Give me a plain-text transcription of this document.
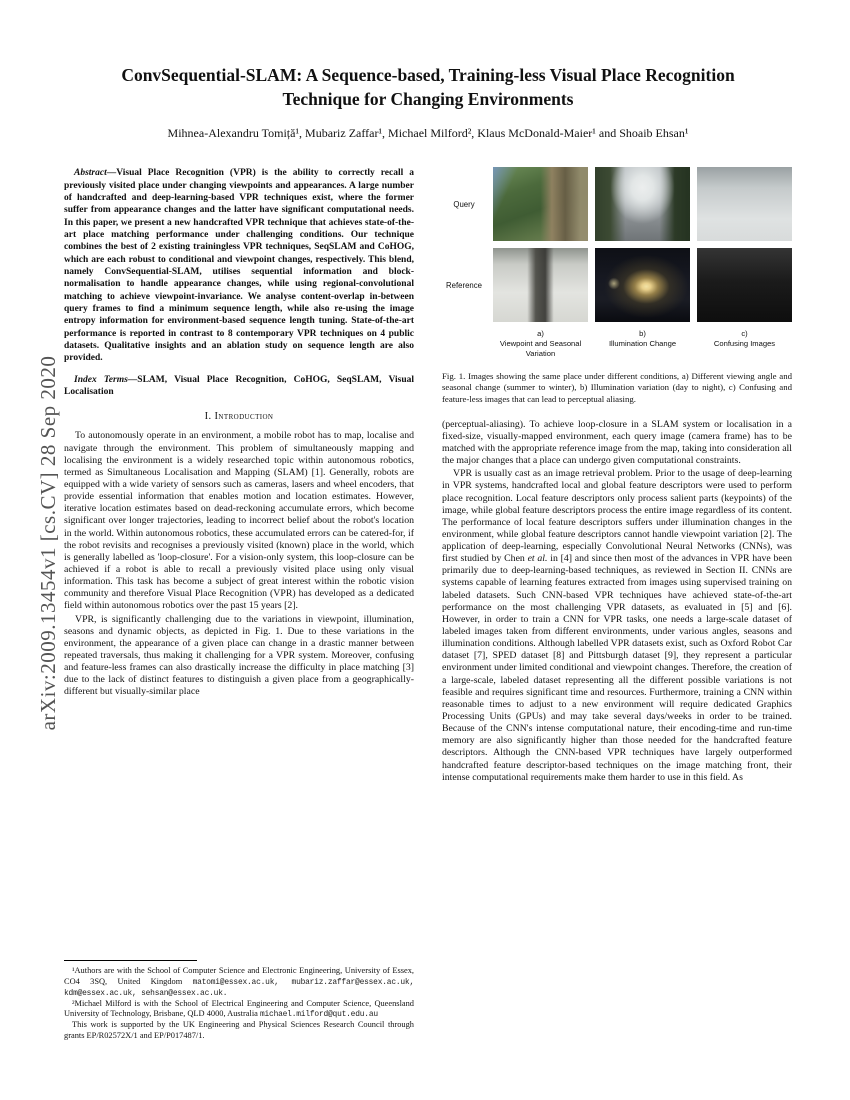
arXiv:2009.13454v1 [cs.CV] 28 Sep 2020
ConvSequential-SLAM: A Sequence-based, Training-less Visual Place Recognition Technique for Changing Environments
Mihnea-Alexandru Tomiță¹, Mubariz Zaffar¹, Michael Milford², Klaus McDonald-Maier¹ and Shoaib Ehsan¹

Abstract—Visual Place Recognition (VPR) is the ability to correctly recall a previously visited place under changing viewpoints and appearances. A large number of handcrafted and deep-learning-based VPR techniques exist, where the former suffer from appearance changes and the latter have significant computational needs. In this paper, we present a new handcrafted VPR technique that achieves state-of-the-art place matching performance under challenging conditions. Our technique combines the best of 2 existing trainingless VPR techniques, SeqSLAM and CoHOG, which are each robust to conditional and viewpoint changes, respectively. This blend, namely ConvSequential-SLAM, utilises sequential information and block-normalisation to handle appearance changes, while using regional-convolutional matching to achieve viewpoint-invariance. We analyse content-overlap in-between query frames to find a minimum sequence length, while also re-using the image entropy information for environment-based sequence length tuning. State-of-the-art performance is reported in contrast to 8 contemporary VPR techniques on 4 public datasets. Qualitative insights and an ablation study on sequence length are also provided.

Index Terms—SLAM, Visual Place Recognition, CoHOG, SeqSLAM, Visual Localisation

I. Introduction

To autonomously operate in an environment, a mobile robot has to map, localise and navigate through the environment. This problem of simultaneously mapping and localising the environment is a widely researched topic within autonomous robotics, termed as Simultaneous Localisation and Mapping (SLAM) [1]. Generally, robots are equipped with a wide variety of sensors such as cameras, lasers and wheel encoders, that provide essential information that enables motion and location estimates. However, iterative location estimates based on dead-reckoning accumulate errors, which become significant over longer trajectories, leading to incorrect belief about the robot's location in the world. Within autonomous robotics, these accumulated errors can be catered-for, if the robot revisits and recognises a previously visited (known) place in the world, which is generally labelled as 'loop-closure'. For a vision-only system, this loop-closure can be achieved if a robot is able to recall a previously visited place using only visual information. This task has become a subject of great interest within the robotic vision community and therefore Visual Place Recognition (VPR) has developed as a dedicated field within autonomous robotics over the past 15 years [2].

VPR, is significantly challenging due to the variations in viewpoint, illumination, seasons and dynamic objects, as depicted in Fig. 1. Due to these variations in the environment, the appearance of a given place can change in a drastic manner between repeated traversals, thus making it challenging for a VPR system. Moreover, confusing and feature-less frames can also drastically increase the difficulty in place matching [3] due to the lack of distinct features to distinguish a given place from a geographically-different but visually-similar place

¹Authors are with the School of Computer Science and Electronic Engineering, University of Essex, CO4 3SQ, United Kingdom matomi@essex.ac.uk, mubariz.zaffar@essex.ac.uk, kdm@essex.ac.uk, sehsan@essex.ac.uk.

²Michael Milford is with the School of Electrical Engineering and Computer Science, Queensland University of Technology, Brisbane, QLD 4000, Australia michael.milford@qut.edu.au

This work is supported by the UK Engineering and Physical Sciences Research Council through grants EP/R02572X/1 and EP/P017487/1.

Query
Reference
a)
Viewpoint and Seasonal Variation
b)
Illumination Change
c)
Confusing Images
Fig. 1. Images showing the same place under different conditions, a) Different viewing angle and seasonal change (summer to winter), b) Illumination variation (day to night), c) Confusing and feature-less images that can lead to perceptual aliasing.

(perceptual-aliasing). To achieve loop-closure in a SLAM system or localisation in a fixed-size, visually-mapped environment, each query image (camera frame) has to be matched with the appropriate reference image from the map, taking into consideration all the major changes that a place can undergo given computational constraints.

VPR is usually cast as an image retrieval problem. Prior to the usage of deep-learning in VPR systems, handcrafted local and global feature descriptors were used to perform place recognition. Local feature descriptors only process salient parts (keypoints) of the image, while global feature descriptors process the entire image regardless of its content. The performance of local feature descriptors suffers under illumination changes in the environment, while global feature descriptors cannot handle viewpoint variation [2]. The application of deep-learning, especially Convolutional Neural Networks (CNNs), was first studied by Chen et al. in [4] and since then most of the advances in VPR have been primarily due to deep-learning-based techniques, as reviewed in Section II. CNNs are systems capable of learning features extracted from images using supervised training on labeled datasets. Such CNN-based VPR techniques have achieved state-of-the-art performance on the most challenging VPR datasets, as evaluated in [5] and [6]. However, in order to train a CNN for VPR tasks, one needs a large-scale dataset of labeled images taken from different environments, under various angles, seasons and illumination conditions. Although labelled VPR datasets exist, such as Oxford Robot Car dataset [7], SPED dataset [8] and Pittsburgh dataset [9], they represent a particular environment under limited conditional and viewpoint changes. Therefore, the creation of a large-scale, labeled dataset representing all the different possible variations is not feasible and requires significant time and resources. Furthermore, training a CNN within reasonable times to adjust to a new environment will require dedicated Graphics Processing Units (GPUs) and may take several days/weeks in order to be trained. Because of the CNN's intense computational nature, their encoding-time and run-time memory are also significantly higher than those needed for the handcrafted feature descriptors. Although the CNN-based VPR techniques have largely outperformed handcrafted feature descriptor-based techniques on the image matching front, their intense computational requirements make them harder to use in this field. As
